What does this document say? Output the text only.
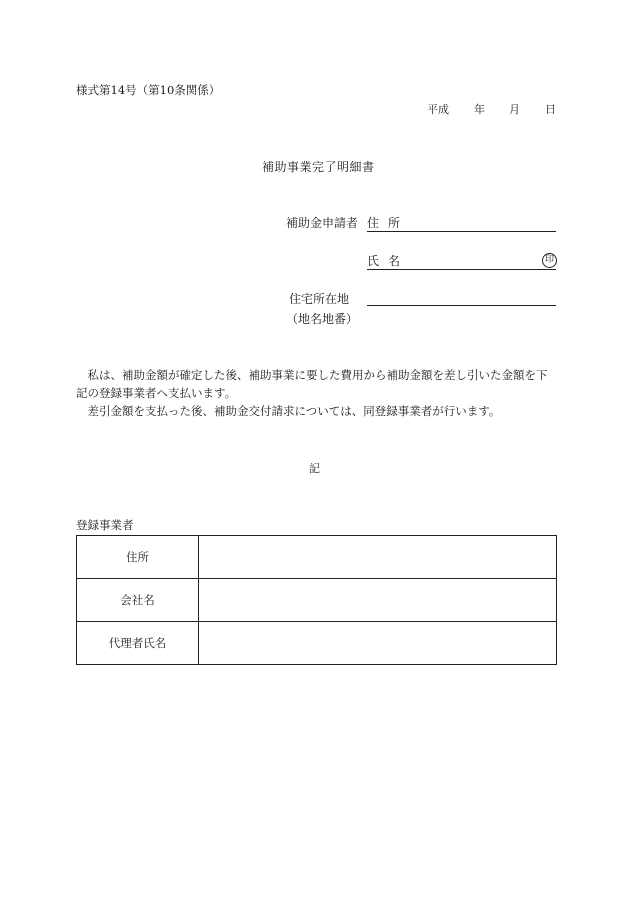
様式第14号（第10条関係）
平成 年 月 日
補助事業完了明細書
補助金申請者 住所
氏名	印
住宅所在地
（地名地番）

私は、補助金額が確定した後、補助事業に要した費用から補助金額を差し引いた金額を下記の登録事業者へ支払います。

差引金額を支払った後、補助金交付請求については、同登録事業者が行います。

記
登録事業者
住所	
会社名	
代理者氏名	
